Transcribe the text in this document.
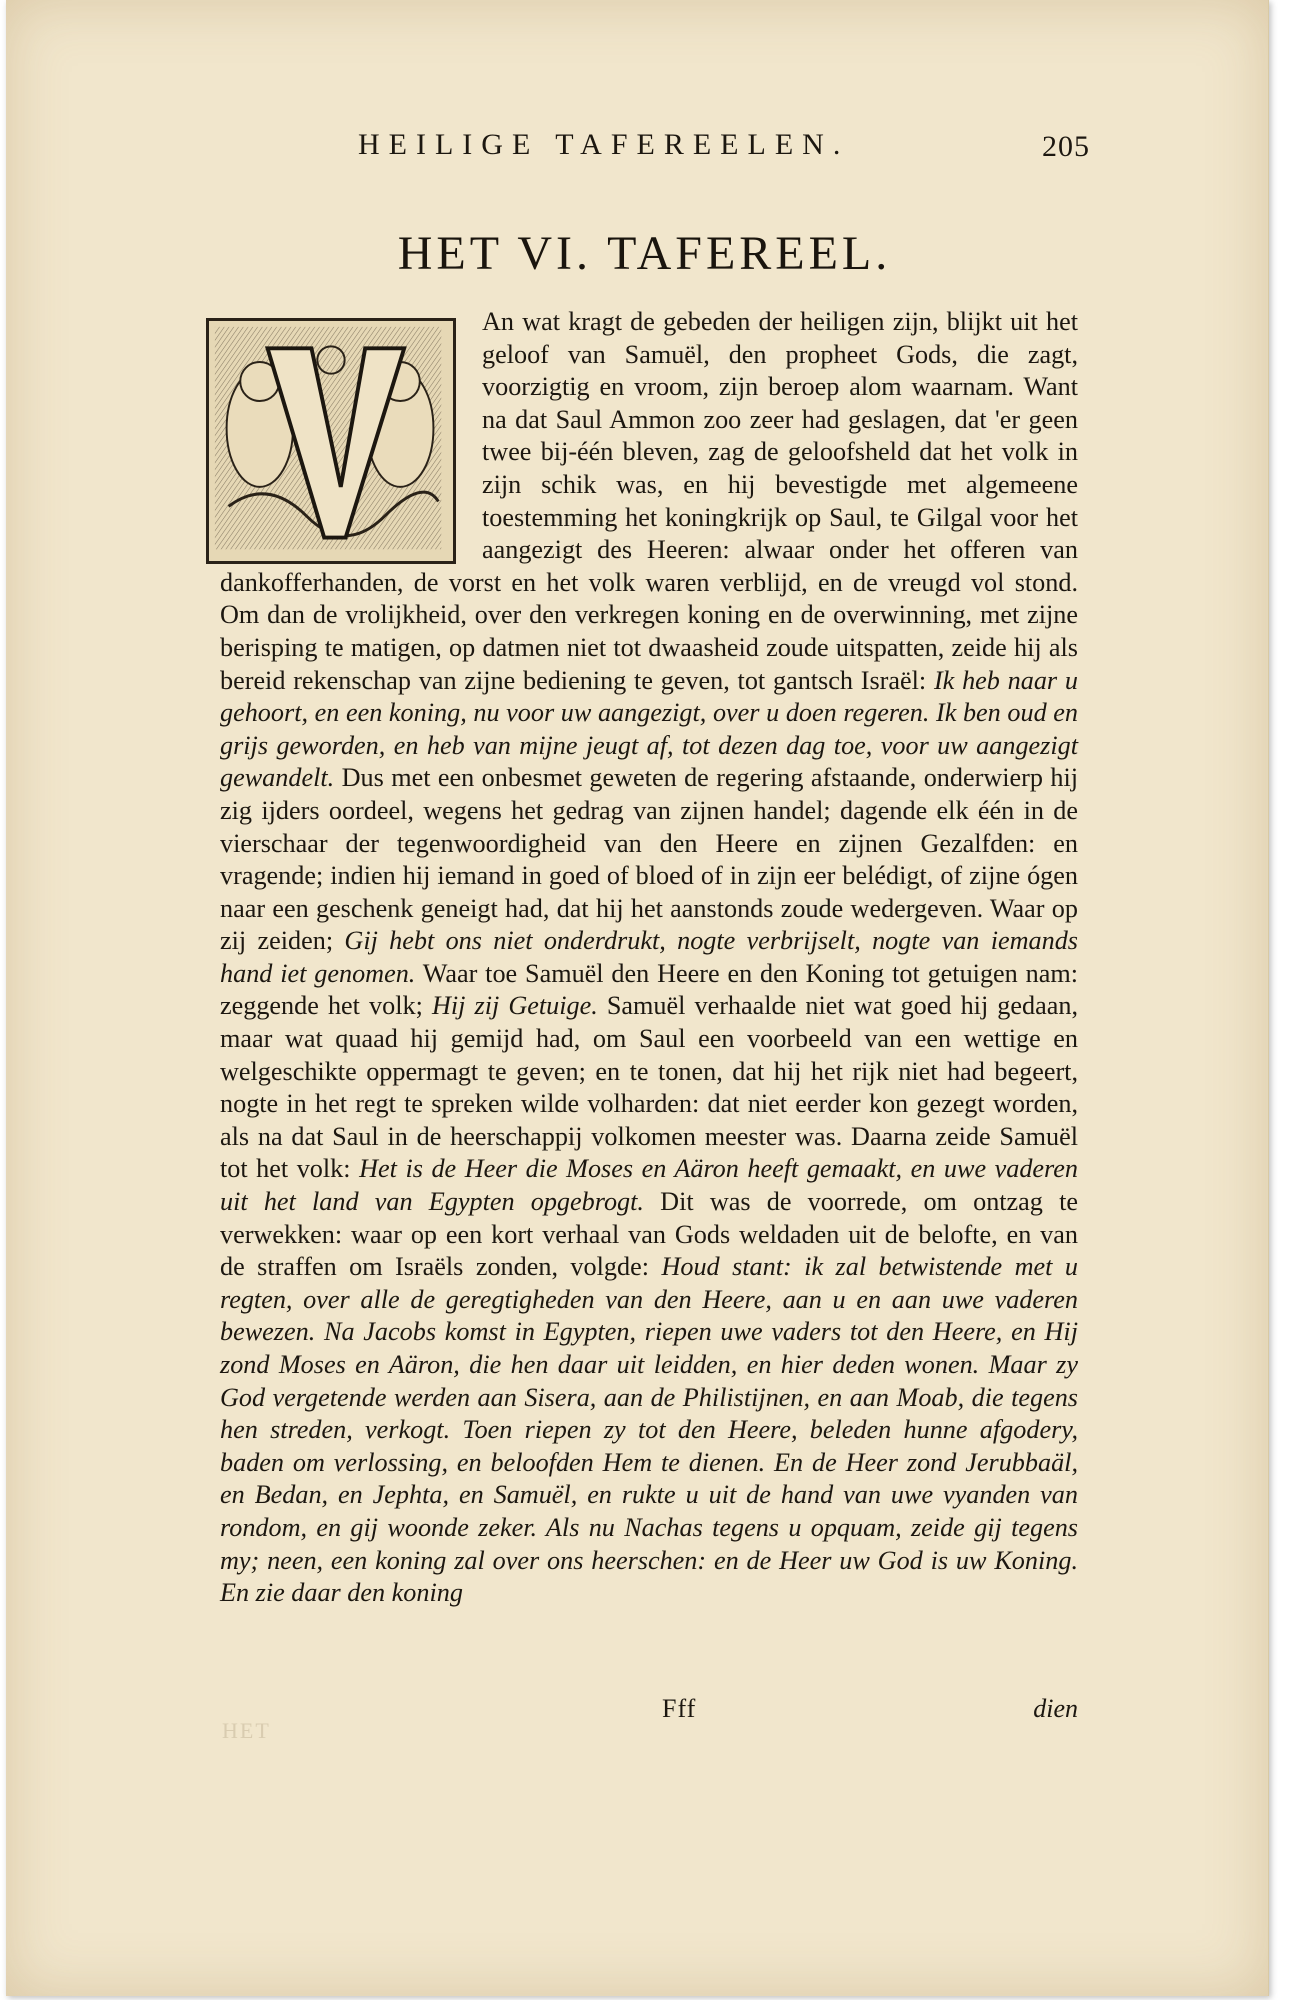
HEILIGE TAFEREELEN.	205
HET VI. TAFEREEL.

An wat kragt de gebeden der heiligen zijn, blijkt uit het geloof van Samuël, den propheet Gods, die zagt, voorzigtig en vroom, zijn beroep alom waarnam. Want na dat Saul Ammon zoo zeer had geslagen, dat 'er geen twee bij-één bleven, zag de geloofsheld dat het volk in zijn schik was, en hij bevestigde met algemeene toestemming het koningkrijk op Saul, te Gilgal voor het aangezigt des Heeren: alwaar onder het offeren van dankofferhanden, de vorst en het volk waren verblijd, en de vreugd vol stond. Om dan de vrolijkheid, over den verkregen koning en de overwinning, met zijne berisping te matigen, op datmen niet tot dwaasheid zoude uitspatten, zeide hij als bereid rekenschap van zijne bediening te geven, tot gantsch Israël: Ik heb naar u gehoort, en een koning, nu voor uw aangezigt, over u doen regeren. Ik ben oud en grijs geworden, en heb van mijne jeugt af, tot dezen dag toe, voor uw aangezigt gewandelt. Dus met een onbesmet geweten de regering afstaande, onderwierp hij zig ijders oordeel, wegens het gedrag van zijnen handel; dagende elk één in de vierschaar der tegenwoordigheid van den Heere en zijnen Gezalfden: en vragende; indien hij iemand in goed of bloed of in zijn eer belédigt, of zijne ógen naar een geschenk geneigt had, dat hij het aanstonds zoude wedergeven. Waar op zij zeiden; Gij hebt ons niet onderdrukt, nogte verbrijselt, nogte van iemands hand iet genomen. Waar toe Samuël den Heere en den Koning tot getuigen nam: zeggende het volk; Hij zij Getuige. Samuël verhaalde niet wat goed hij gedaan, maar wat quaad hij gemijd had, om Saul een voorbeeld van een wettige en welgeschikte oppermagt te geven; en te tonen, dat hij het rijk niet had begeert, nogte in het regt te spreken wilde volharden: dat niet eerder kon gezegt worden, als na dat Saul in de heerschappij volkomen meester was. Daarna zeide Samuël tot het volk: Het is de Heer die Moses en Aäron heeft gemaakt, en uwe vaderen uit het land van Egypten opgebrogt. Dit was de voorrede, om ontzag te verwekken: waar op een kort verhaal van Gods weldaden uit de belofte, en van de straffen om Israëls zonden, volgde: Houd stant: ik zal betwistende met u regten, over alle de geregtigheden van den Heere, aan u en aan uwe vaderen bewezen. Na Jacobs komst in Egypten, riepen uwe vaders tot den Heere, en Hij zond Moses en Aäron, die hen daar uit leidden, en hier deden wonen. Maar zy God vergetende werden aan Sisera, aan de Philistijnen, en aan Moab, die tegens hen streden, verkogt. Toen riepen zy tot den Heere, beleden hunne afgodery, baden om verlossing, en beloofden Hem te dienen. En de Heer zond Jerubbaäl, en Bedan, en Jephta, en Samuël, en rukte u uit de hand van uwe vyanden van rondom, en gij woonde zeker. Als nu Nachas tegens u opquam, zeide gij tegens my; neen, een koning zal over ons heerschen: en de Heer uw God is uw Koning. En zie daar den koning

Fff	dien
HET
